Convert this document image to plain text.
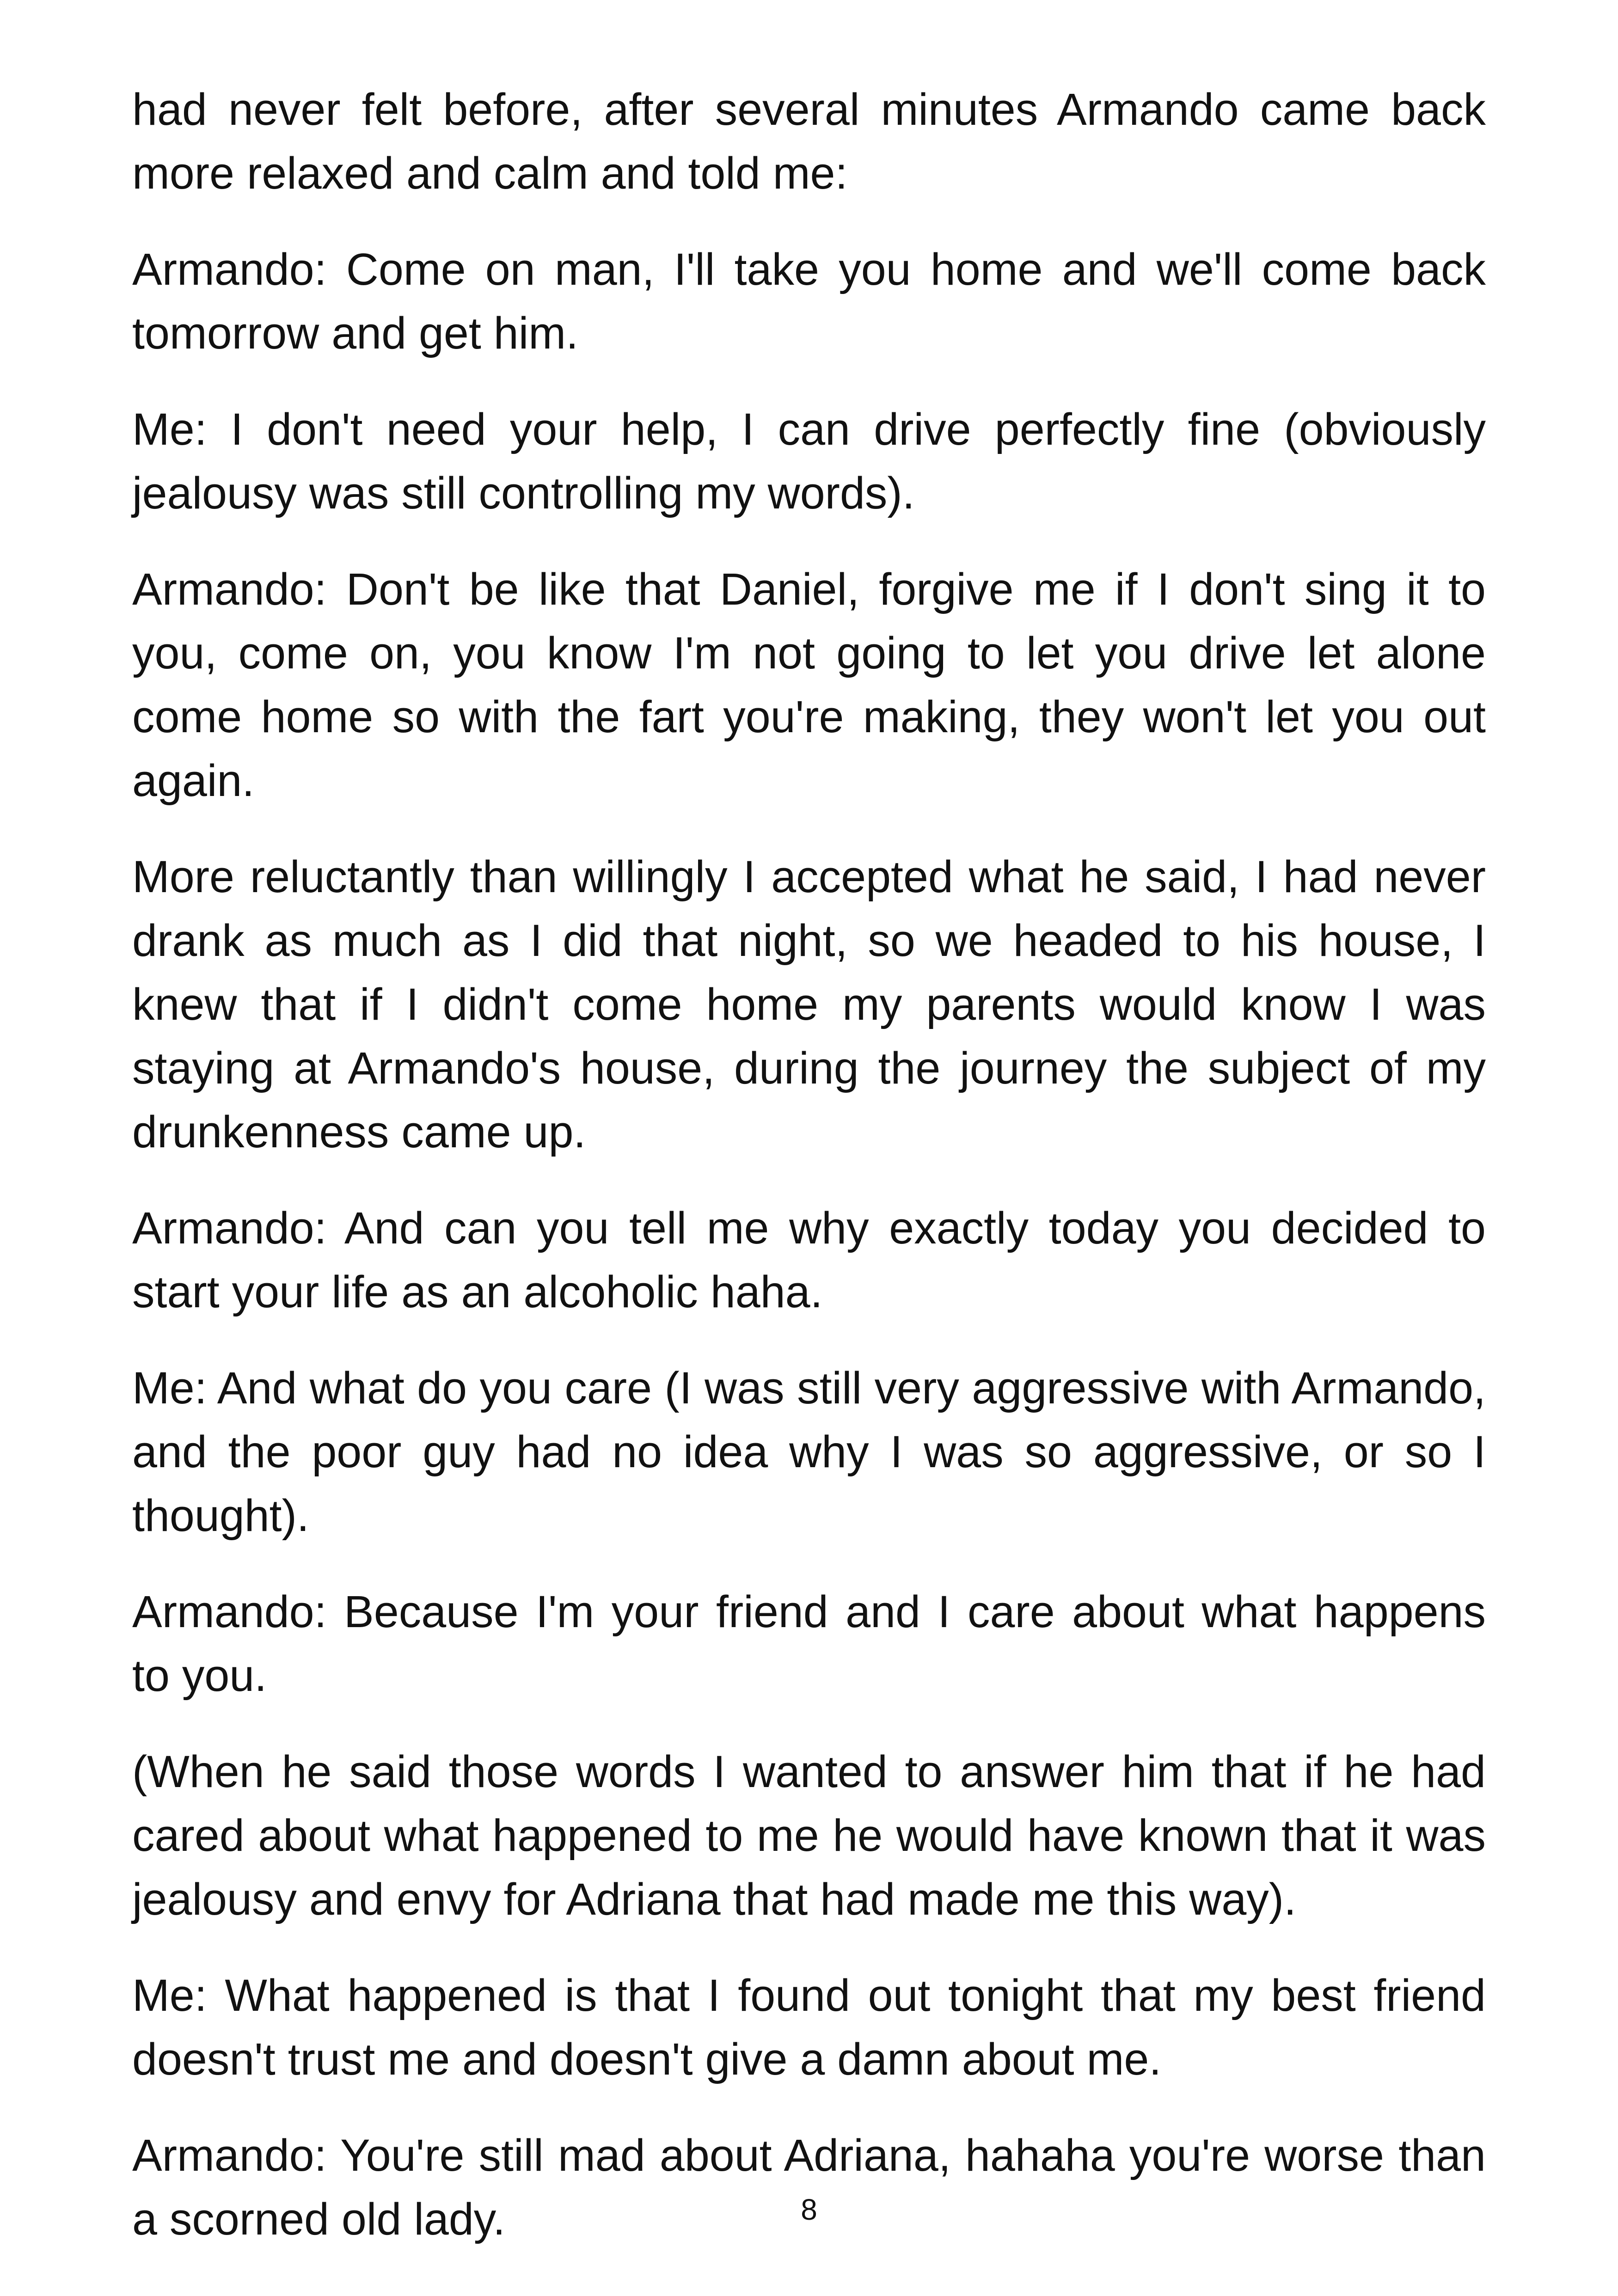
had never felt before, after several minutes Armando came back more relaxed and calm and told me:

Armando: Come on man, I'll take you home and we'll come back tomorrow and get him.

Me: I don't need your help, I can drive perfectly fine (obviously jealousy was still controlling my words).

Armando: Don't be like that Daniel, forgive me if I don't sing it to you, come on, you know I'm not going to let you drive let alone come home so with the fart you're making, they won't let you out again.

More reluctantly than willingly I accepted what he said, I had never drank as much as I did that night, so we headed to his house, I knew that if I didn't come home my parents would know I was staying at Armando's house, during the journey the subject of my drunkenness came up.

Armando: And can you tell me why exactly today you decided to start your life as an alcoholic haha.

Me: And what do you care (I was still very aggressive with Armando, and the poor guy had no idea why I was so aggressive, or so I thought).

Armando: Because I'm your friend and I care about what happens to you.

(When he said those words I wanted to answer him that if he had cared about what happened to me he would have known that it was jealousy and envy for Adriana that had made me this way).

Me: What happened is that I found out tonight that my best friend doesn't trust me and doesn't give a damn about me.

Armando: You're still mad about Adriana, hahaha you're worse than a scorned old lady.	8
